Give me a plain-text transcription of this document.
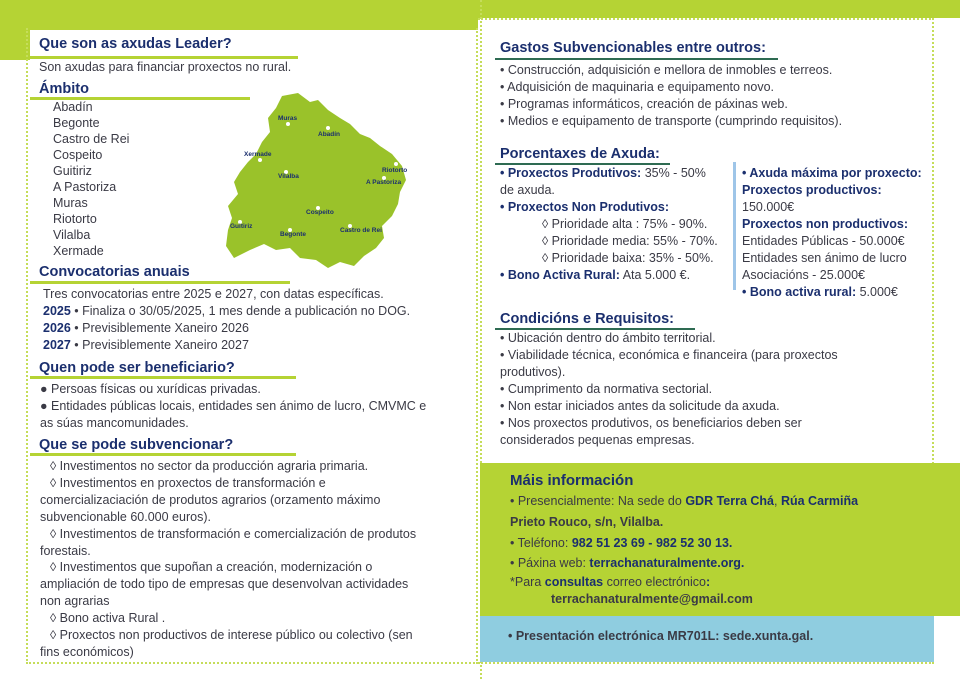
Que son as axudas Leader?
Son axudas para financiar proxectos no rural.
Ámbito
Abadín
Begonte
Castro de Rei
Cospeito
Guitiriz
A Pastoriza
Muras
Riotorto
Vilalba
Xermade
Muras
Abadín
Xermade
Riotorto
A Pastoriza
Vilalba
Cospeito
Guitiriz
Castro de Rei
Begonte
Convocatorias anuais
Tres convocatorias entre 2025 e 2027, con datas específicas.
2025 • Finaliza o 30/05/2025, 1 mes dende a publicación no DOG.
2026 • Previsiblemente Xaneiro 2026
2027 • Previsiblemente Xaneiro 2027
Quen pode ser beneficiario?
● Persoas físicas ou xurídicas privadas.
● Entidades públicas locais, entidades sen ánimo de lucro, CMVMC e
as súas mancomunidades.
Que se pode subvencionar?
◊ Investimentos no sector da producción agraria primaria.
◊ Investimentos en proxectos de transformación e
comercializaciación de produtos agrarios (orzamento máximo
subvencionable 60.000 euros).
◊ Investimentos de transformación e comercialización de produtos
forestais.
◊ Investimentos que supoñan a creación, modernización o
ampliación de todo tipo de empresas que desenvolvan actividades
non agrarias
◊ Bono activa Rural .
◊ Proxectos non productivos de interese público ou colectivo (sen
fins económicos)
Gastos Subvencionables entre outros:
• Construcción, adquisición e mellora de inmobles e terreos.
• Adquisición de maquinaria e equipamento novo.
• Programas informáticos, creación de páxinas web.
• Medios e equipamento de transporte (cumprindo requisitos).
Porcentaxes de Axuda:
• Proxectos Produtivos: 35% - 50%
de axuda.
• Proxectos Non Produtivos:
◊ Prioridade alta : 75% - 90%.
◊ Prioridade media: 55% - 70%.
◊ Prioridade baixa: 35% - 50%.
• Bono Activa Rural: Ata 5.000 €.
• Axuda máxima por proxecto:
Proxectos productivos:
150.000€
Proxectos non productivos:
Entidades Públicas - 50.000€
Entidades sen ánimo de lucro
Asociacións - 25.000€
• Bono activa rural: 5.000€
Condicións e Requisitos:
• Ubicación dentro do ámbito territorial.
• Viabilidade técnica, económica e financeira (para proxectos
produtivos).
• Cumprimento da normativa sectorial.
• Non estar iniciados antes da solicitude da axuda.
• Nos proxectos produtivos, os beneficiarios deben ser
considerados pequenas empresas.
Máis información
• Presencialmente: Na sede do GDR Terra Chá, Rúa Carmiña
Prieto Rouco, s/n, Vilalba.
• Teléfono: 982 51 23 69 - 982 52 30 13.
• Páxina web: terrachanaturalmente.org.
*Para consultas correo electrónico:
terrachanaturalmente@gmail.com
• Presentación electrónica MR701L: sede.xunta.gal.
